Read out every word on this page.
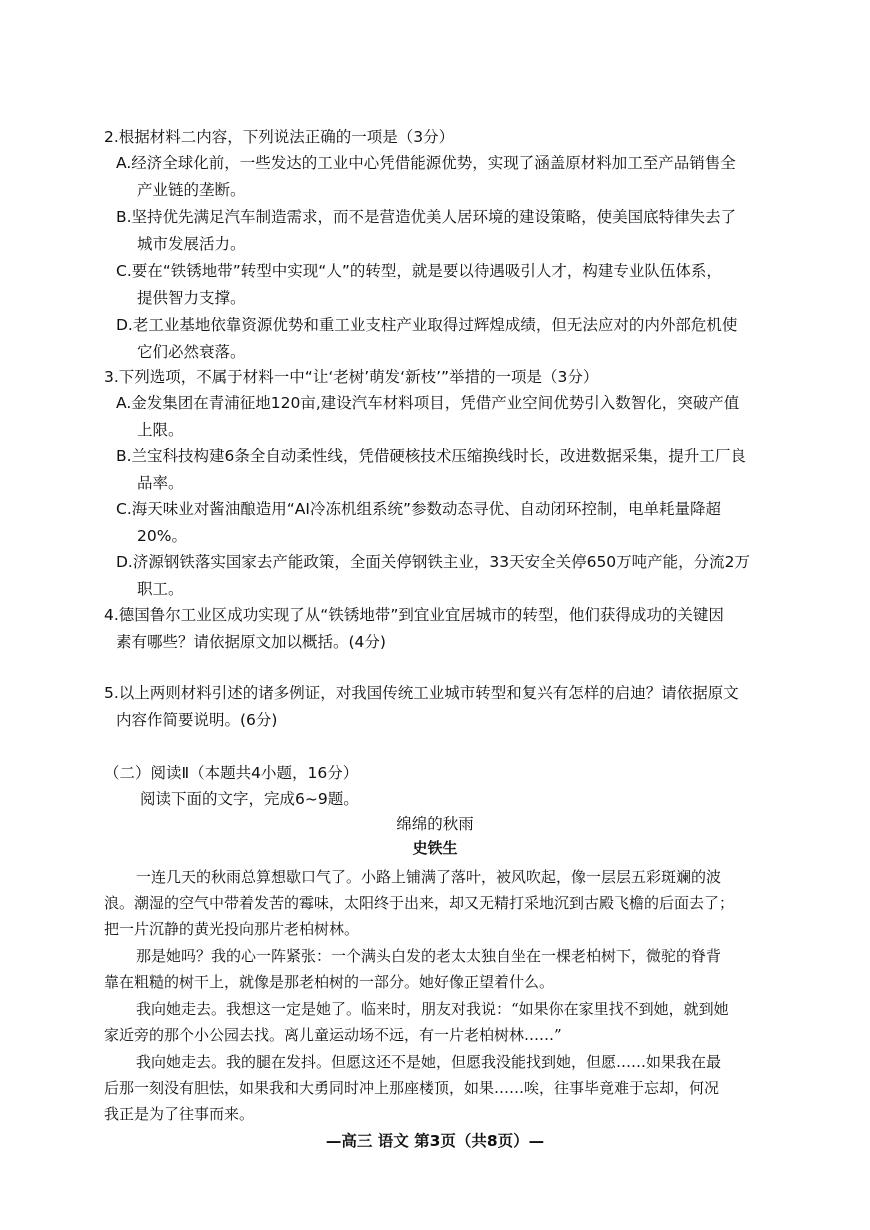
2.根据材料二内容，下列说法正确的一项是（3分）
A.经济全球化前，一些发达的工业中心凭借能源优势，实现了涵盖原材料加工至产品销售全
产业链的垄断。
B.坚持优先满足汽车制造需求，而不是营造优美人居环境的建设策略，使美国底特律失去了
城市发展活力。
C.要在“铁锈地带”转型中实现“人”的转型，就是要以待遇吸引人才，构建专业队伍体系，
提供智力支撑。
D.老工业基地依靠资源优势和重工业支柱产业取得过辉煌成绩，但无法应对的内外部危机使
它们必然衰落。
3.下列选项，不属于材料一中“让‘老树’萌发‘新枝’”举措的一项是（3分）
A.金发集团在青浦征地120亩,建设汽车材料项目，凭借产业空间优势引入数智化，突破产值
上限。
B.兰宝科技构建6条全自动柔性线，凭借硬核技术压缩换线时长，改进数据采集，提升工厂良
品率。
C.海天味业对酱油酿造用“AI冷冻机组系统”参数动态寻优、自动闭环控制，电单耗量降超
20%。
D.济源钢铁落实国家去产能政策，全面关停钢铁主业，33天安全关停650万吨产能，分流2万
职工。
4.德国鲁尔工业区成功实现了从“铁锈地带”到宜业宜居城市的转型，他们获得成功的关键因
素有哪些？请依据原文加以概括。(4分)
5.以上两则材料引述的诸多例证，对我国传统工业城市转型和复兴有怎样的启迪？请依据原文
内容作简要说明。(6分)
（二）阅读Ⅱ（本题共4小题，16分）
阅读下面的文字，完成6~9题。
绵绵的秋雨
史铁生
一连几天的秋雨总算想歇口气了。小路上铺满了落叶，被风吹起，像一层层五彩斑斓的波
浪。潮湿的空气中带着发苦的霉味，太阳终于出来，却又无精打采地沉到古殿飞檐的后面去了；
把一片沉静的黄光投向那片老柏树林。
那是她吗？我的心一阵紧张：一个满头白发的老太太独自坐在一棵老柏树下，微驼的脊背
靠在粗糙的树干上，就像是那老柏树的一部分。她好像正望着什么。
我向她走去。我想这一定是她了。临来时，朋友对我说：“如果你在家里找不到她，就到她
家近旁的那个小公园去找。离儿童运动场不远，有一片老柏树林……”
我向她走去。我的腿在发抖。但愿这还不是她，但愿我没能找到她，但愿……如果我在最
后那一刻没有胆怯，如果我和大勇同时冲上那座楼顶，如果……唉，往事毕竟难于忘却，何况
我正是为了往事而来。
—高三 语文 第3页（共8页）—
